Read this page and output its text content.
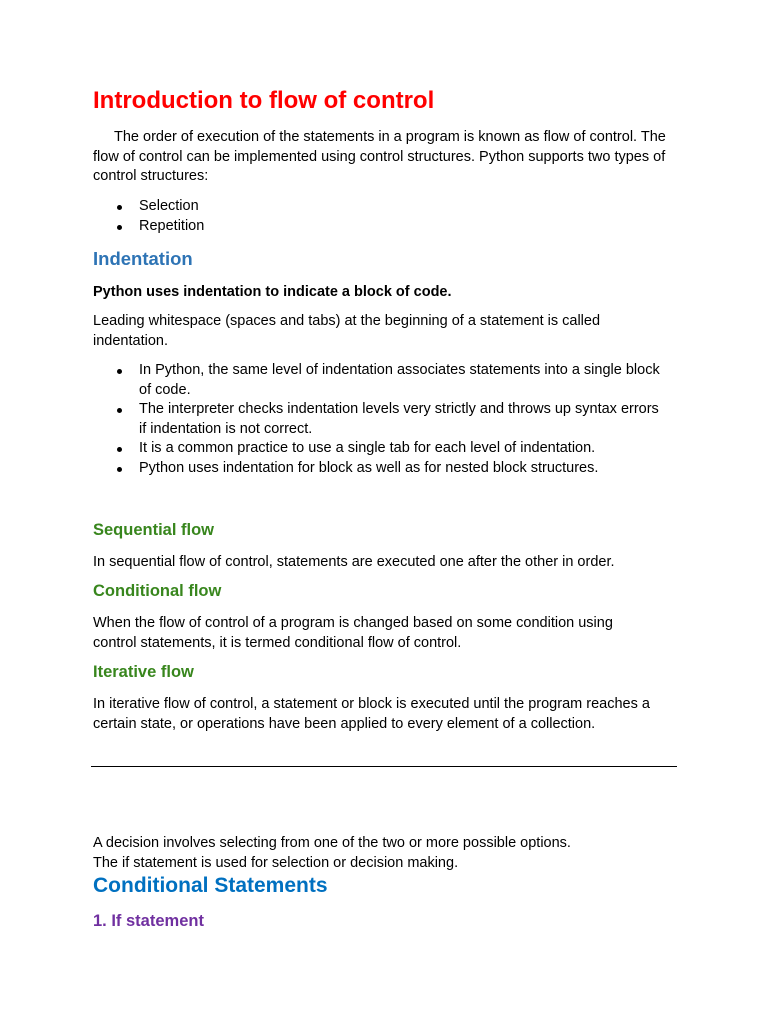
Introduction to flow of control

The order of execution of the statements in a program is known as flow of control. The flow of control can be implemented using control structures. Python supports two types of control structures:

Selection
Repetition
Indentation

Python uses indentation to indicate a block of code.

Leading whitespace (spaces and tabs) at the beginning of a statement is called indentation.

In Python, the same level of indentation associates statements into a single block of code.
The interpreter checks indentation levels very strictly and throws up syntax errors if indentation is not correct.
It is a common practice to use a single tab for each level of indentation.
Python uses indentation for block as well as for nested block structures.
Sequential flow

In sequential flow of control, statements are executed one after the other in order.

Conditional flow

When the flow of control of a program is changed based on some condition using control statements, it is termed conditional flow of control.

Iterative flow

In iterative flow of control, a statement or block is executed until the program reaches a certain state, or operations have been applied to every element of a collection.

A decision involves selecting from one of the two or more possible options.
The if statement is used for selection or decision making.

Conditional Statements
1. If statement
